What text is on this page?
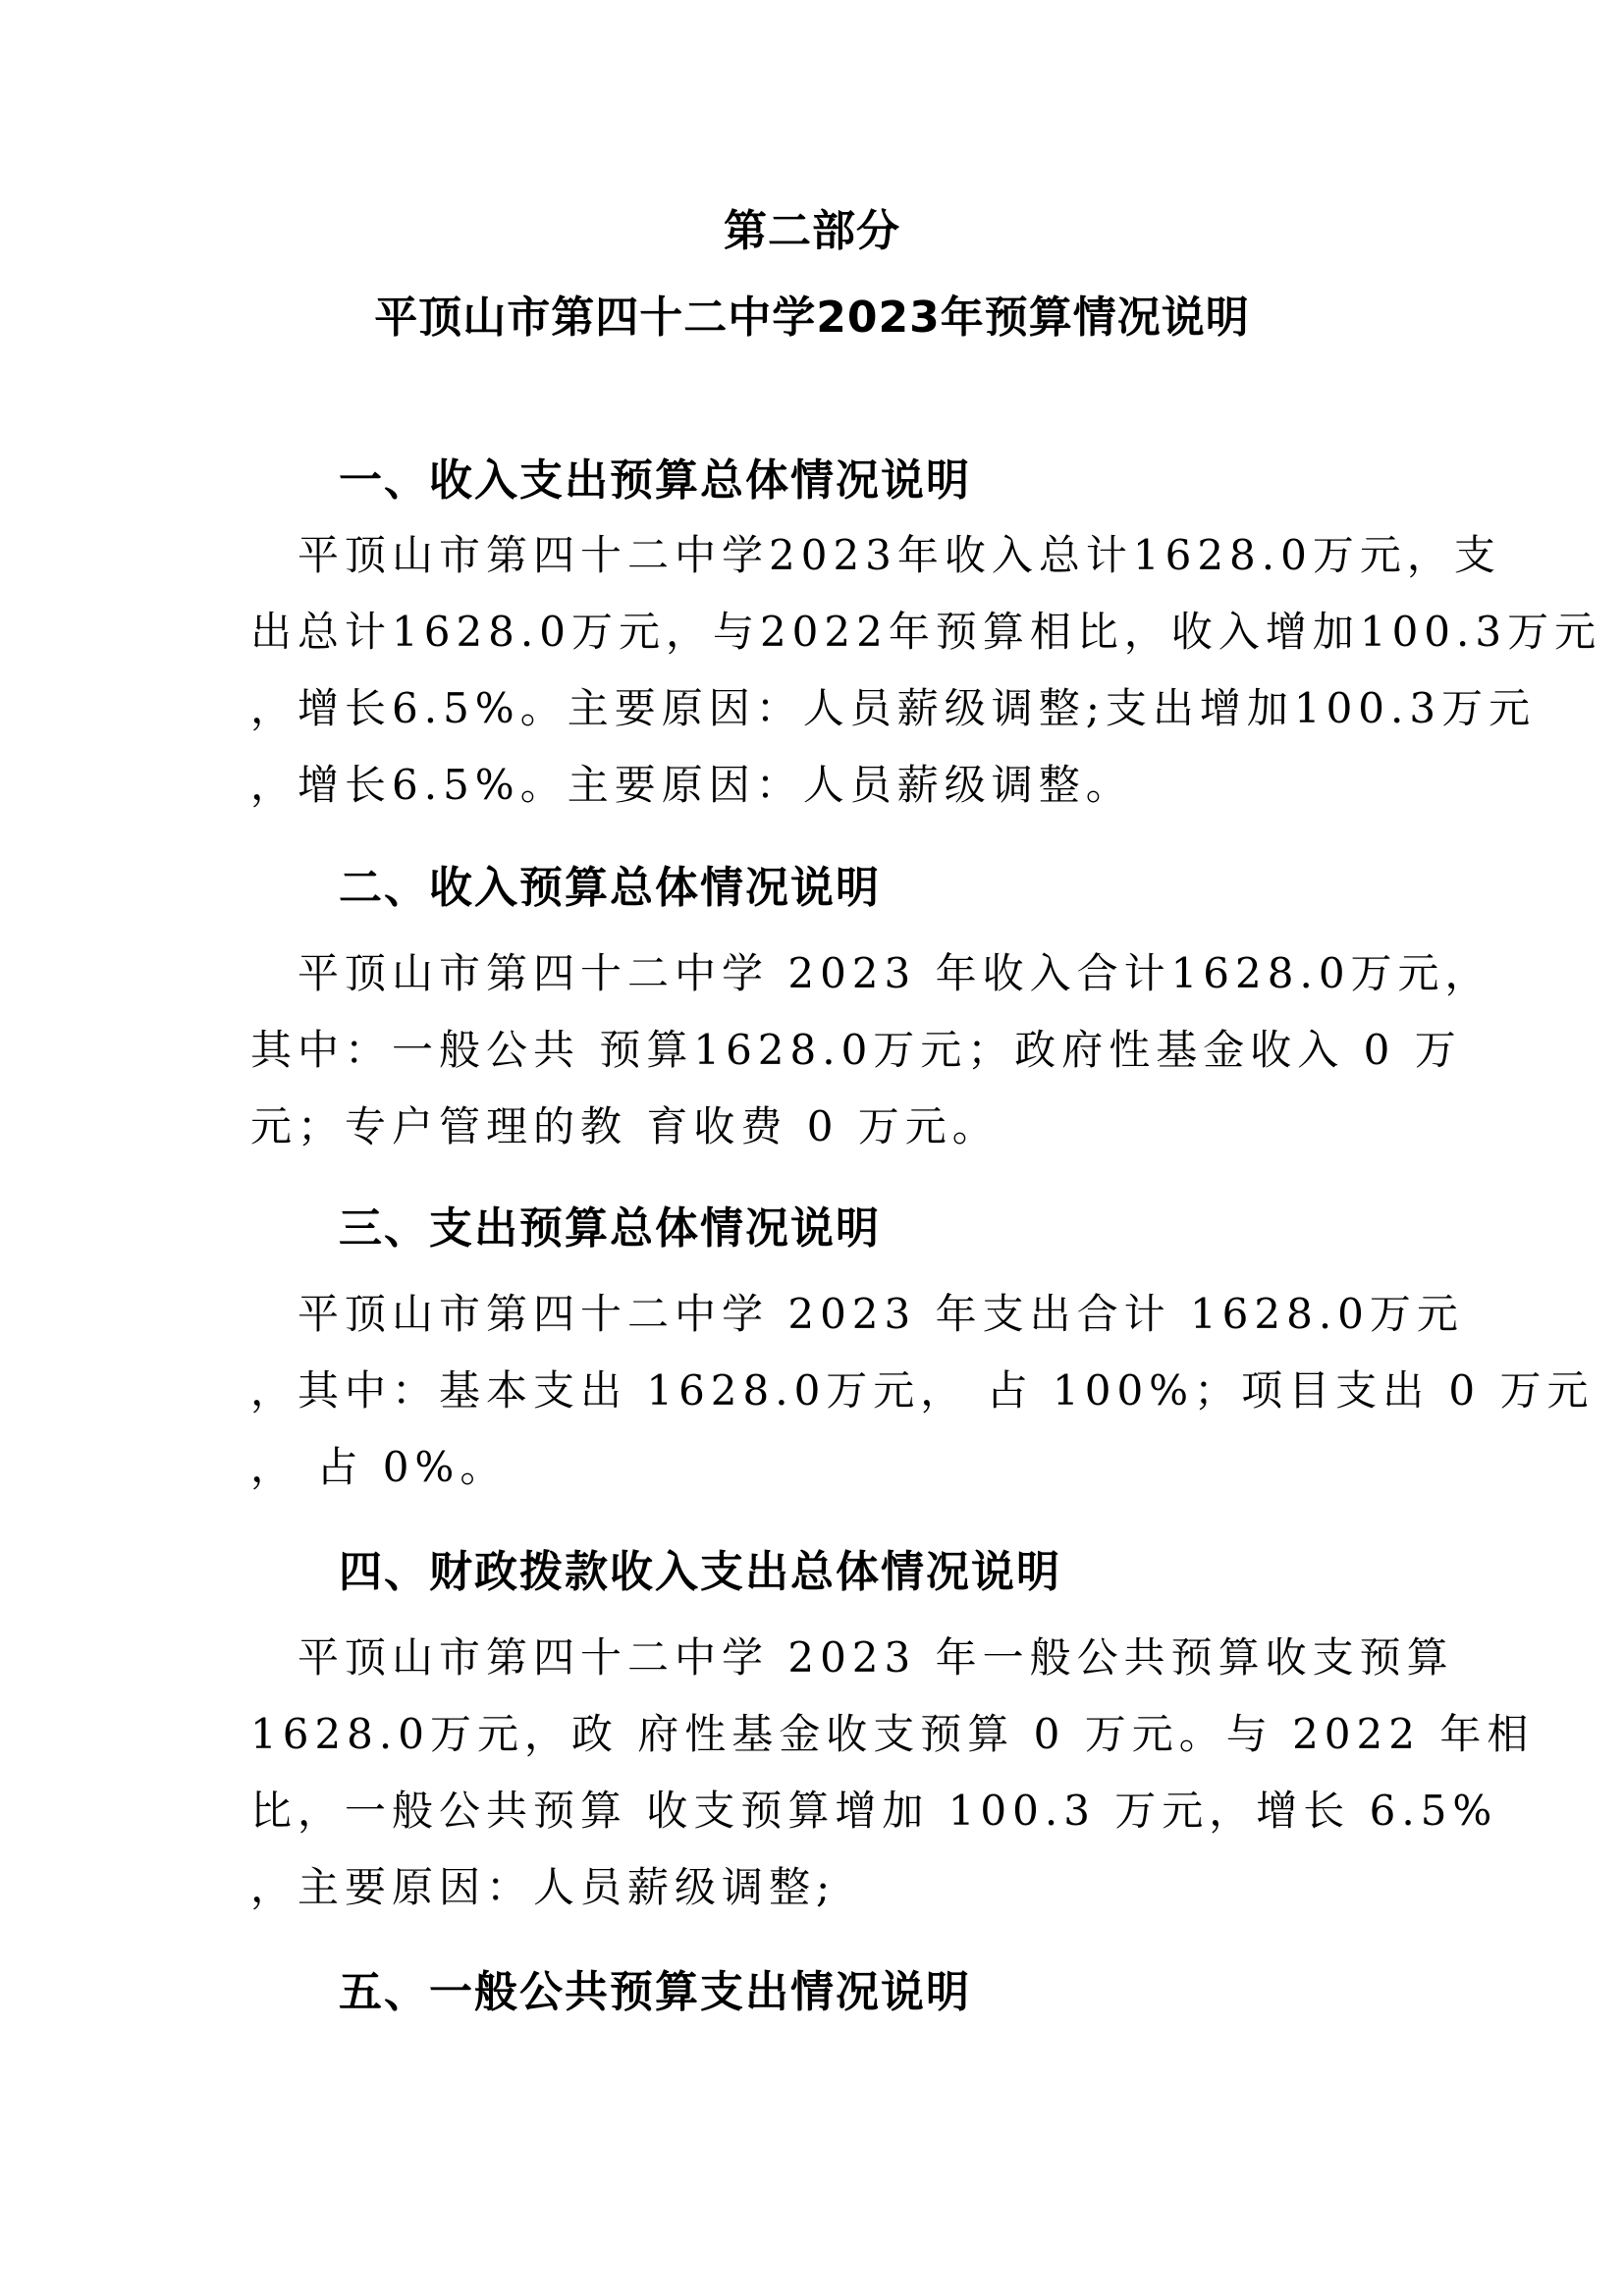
第二部分
平顶山市第四十二中学2023年预算情况说明
一、收入支出预算总体情况说明
　平顶山市第四十二中学2023年收入总计1628.0万元，支
出总计1628.0万元，与2022年预算相比，收入增加100.3万元
，增长6.5%。主要原因：人员薪级调整;支出增加100.3万元
，增长6.5%。主要原因：人员薪级调整。
二、收入预算总体情况说明
　平顶山市第四十二中学 2023 年收入合计1628.0万元，
其中：一般公共 预算1628.0万元；政府性基金收入 0 万
元；专户管理的教 育收费 0 万元。
三、支出预算总体情况说明
　平顶山市第四十二中学 2023 年支出合计 1628.0万元
，其中：基本支出 1628.0万元， 占 100%；项目支出 0 万元
， 占 0%。
四、财政拨款收入支出总体情况说明
　平顶山市第四十二中学 2023 年一般公共预算收支预算
1628.0万元，政 府性基金收支预算 0 万元。与 2022 年相
比，一般公共预算 收支预算增加 100.3 万元，增长 6.5%
，主要原因：人员薪级调整;
五、一般公共预算支出情况说明
